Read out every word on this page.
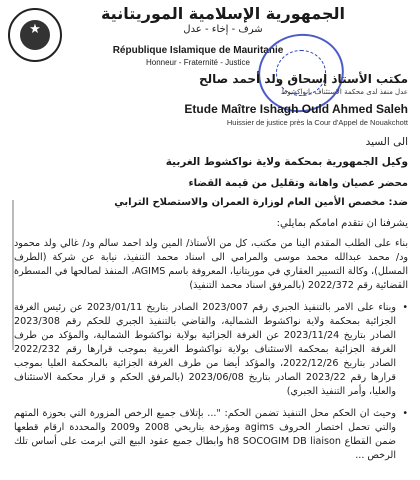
★
الجمهورية الإسلامية الموريتانية
شرف - إخاء - عدل
République Islamique de Mauritanie
Honneur - Fraternité - Justice
مكتب الأستاذ إسحاق ولد أحمد صالح
عدل منفذ لدى محكمة الاستئناف بانواكشوط
Etude Maître Ishagh Ould Ahmed Saleh
Huissier de justice près la Cour d'Appel de Nouakchott
الى السيد
وكيل الجمهورية بمحكمة ولاية نواكشوط الغربية
محضر عصيان واهانة وتقليل من قيمة القضاء
ضد: مخصص الأمين العام لوزارة العمران والاستصلاح الترابي
يشرفنا ان نتقدم امامكم بمايلي:
بناء على الطلب المقدم الينا من مكتب، كل من الأستاذ/ المين ولد احمد سالم ود/ غالي ولد محمود ود/ محمد عبدالله محمد موسى والمرامي الى اسناد محمد التنفيذ، نيابة عن شركة (الطرف المسلل)، وكالة التسيير العقاري في موريتانيا، المعروفة باسم AGIMS، المنفذ لصالحها في المسطرة القضائية رقم 2022/372 (بالمرفق اسناد محمد التنفيذ)
• وبناء على الامر بالتنفيذ الجبري رقم 2023/007 الصادر بتاريخ 2023/01/11 عن رئيس الغرفة الجزائية بمحكمة ولاية نواكشوط الشمالية، والقاضي بالتنفيذ الجبري للحكم رقم 2023/308 الصادر بتاريخ 2023/11/24 عن الغرفة الجزائية بولاية نواكشوط الشمالية، والمؤكد من طرف الغرفة الجزائية بمحكمة الاستئناف بولاية نواكشوط الغربية بموجب قرارها رقم 2022/232 الصادر بتاريخ 2022/12/26، والمؤكد أيضا من طرف الغرفة الجزائية بالمحكمة العليا بموجب قرارها رقم 2023/22 الصادر بتاريخ 2023/06/08 (بالمرفق الحكم و قرار محكمة الاستئناف والعليا، وأمر التنفيذ الجبري)
• وحيث ان الحكم محل التنفيذ تضمن الحكم: "... بإتلاف جميع الرخص المزورة التي بحوزة المتهم والتي تحمل اختصار الحروف agims ومؤرخة بتاريخي 2008 و2009 والمحددة ارقام قطعها ضمن القطاع h8 SOCOGIM DB liaison وابطال جميع عقود البيع التي ابرمت على أساس تلك الرخص ...
